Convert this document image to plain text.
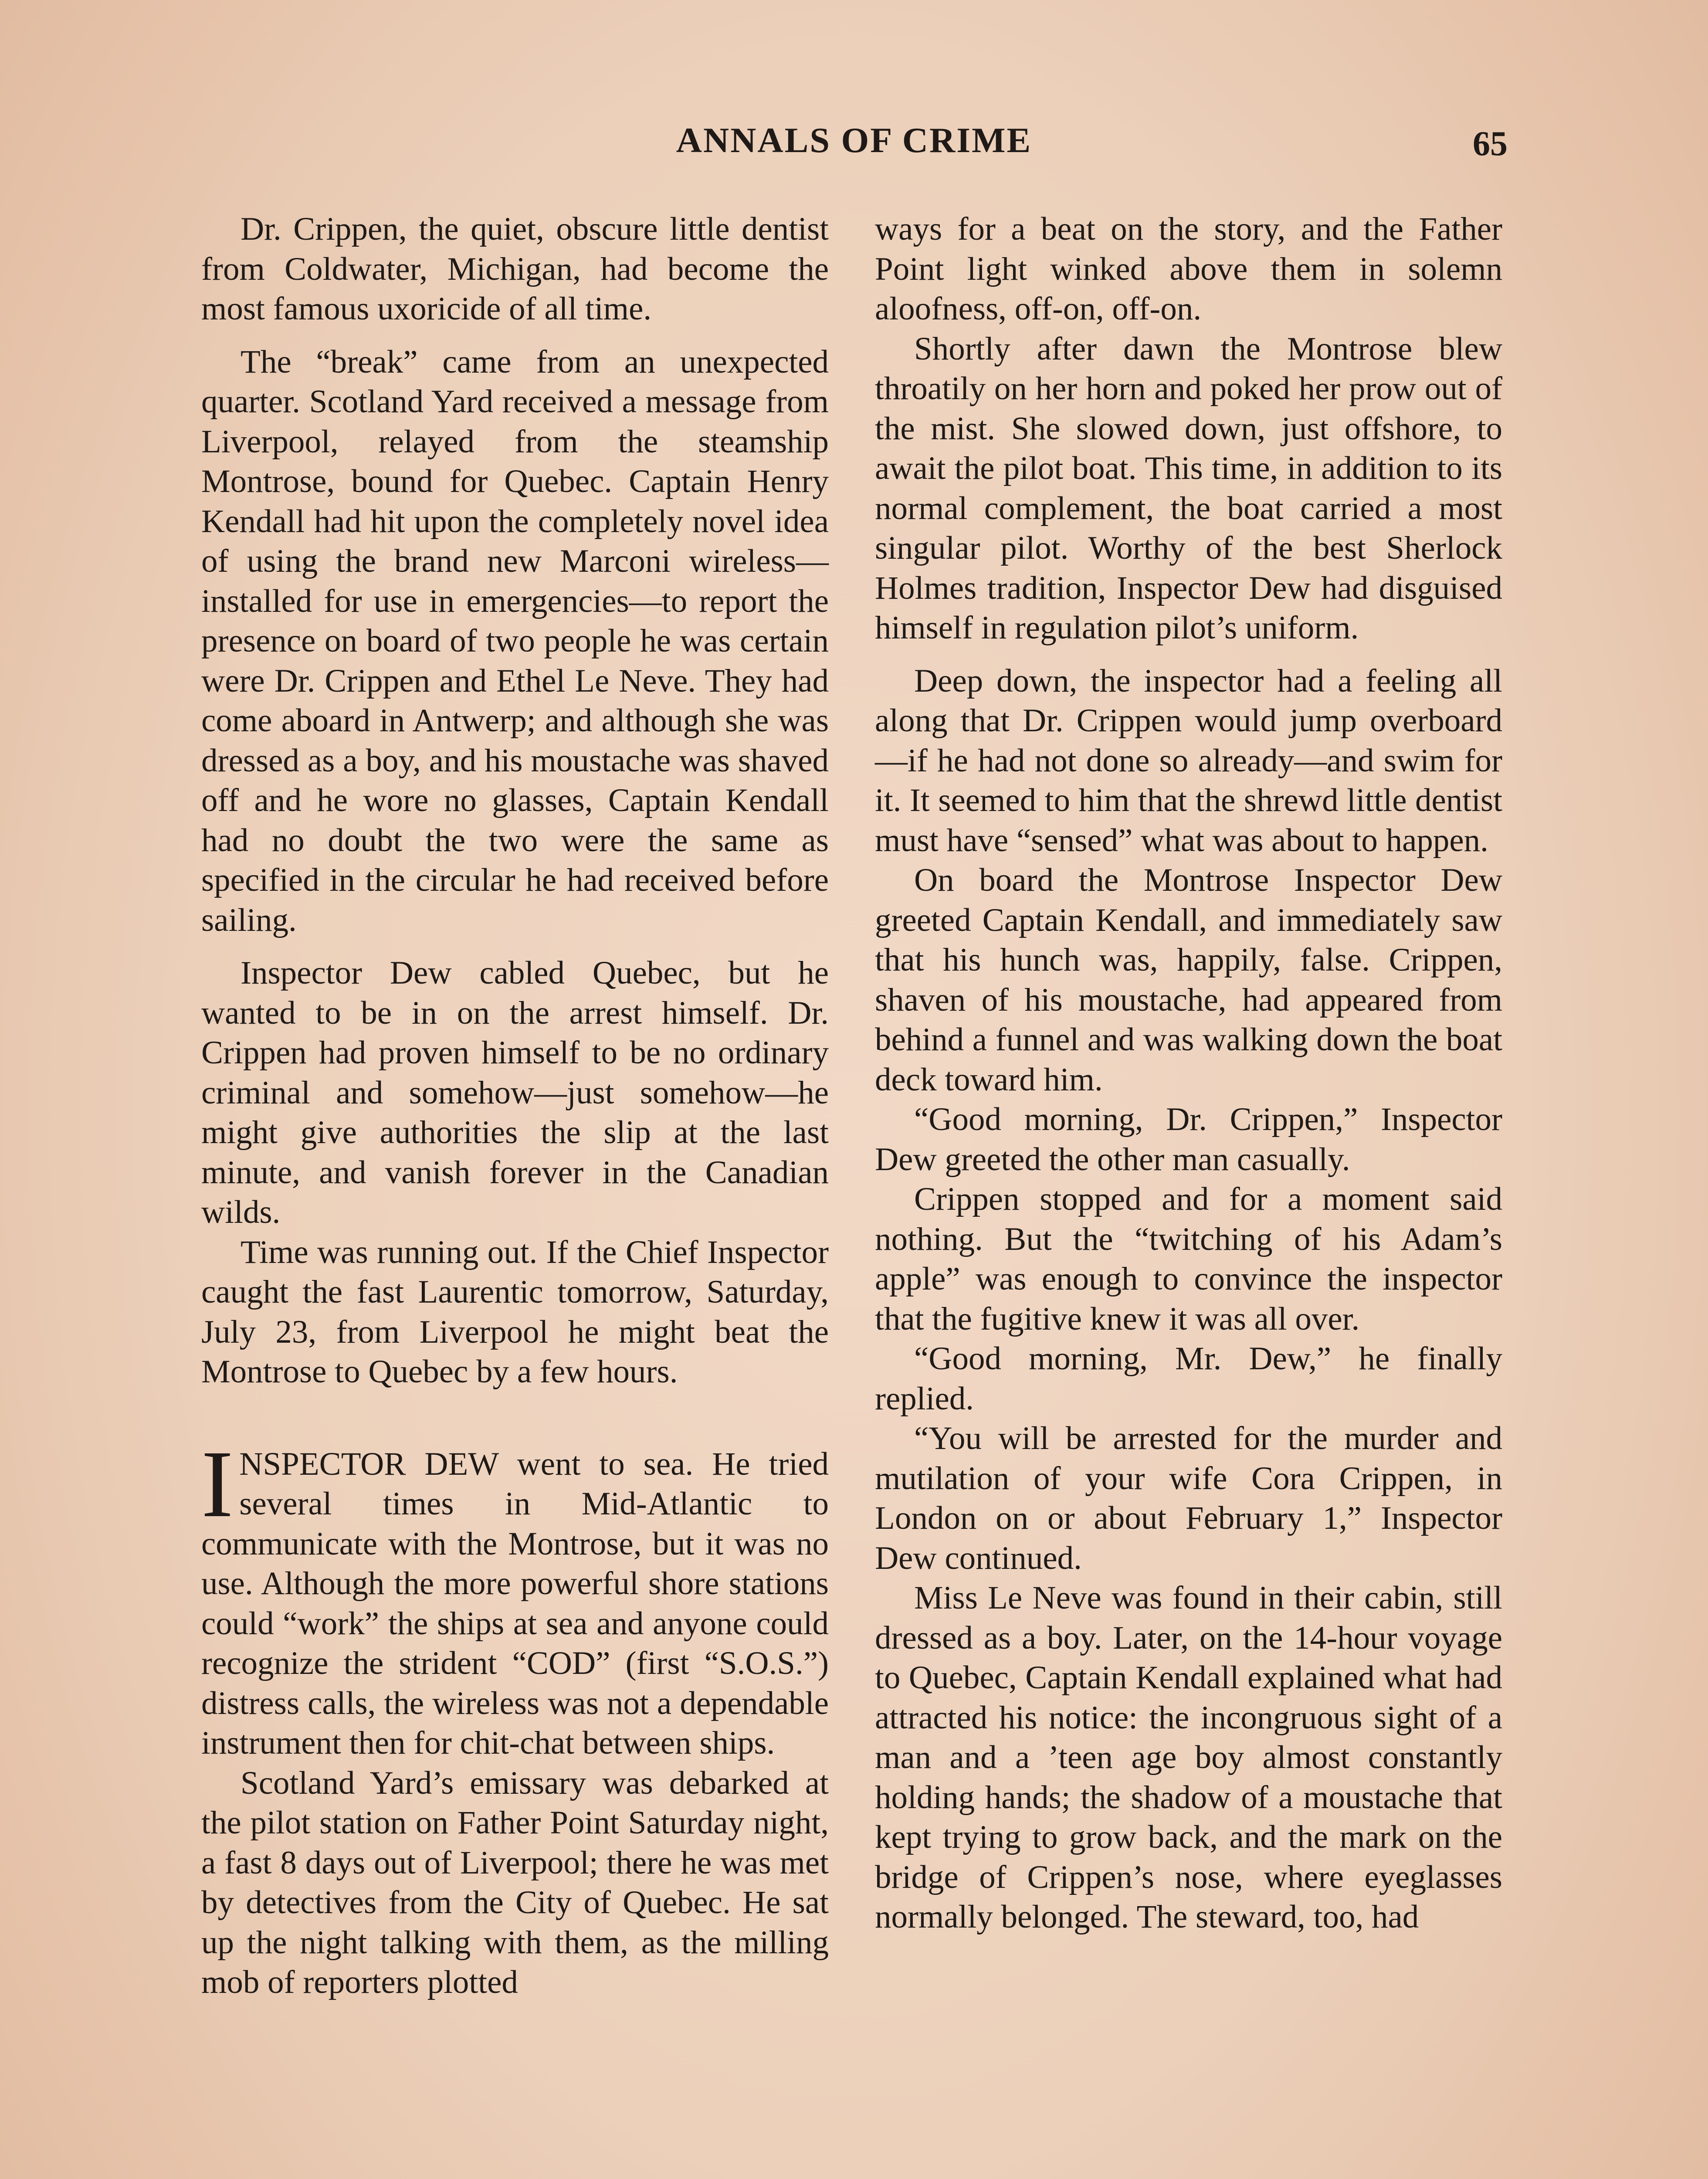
ANNALS OF CRIME	65

Dr. Crippen, the quiet, obscure little dentist from Coldwater, Michigan, had become the most famous uxoricide of all time.

The “break” came from an unexpected quarter. Scotland Yard received a message from Liverpool, relayed from the steamship Montrose, bound for Quebec. Captain Henry Kendall had hit upon the completely novel idea of using the brand new Marconi wireless—installed for use in emergencies—to report the presence on board of two people he was certain were Dr. Crippen and Ethel Le Neve. They had come aboard in Antwerp; and although she was dressed as a boy, and his moustache was shaved off and he wore no glasses, Captain Kendall had no doubt the two were the same as specified in the circular he had received before sailing.

Inspector Dew cabled Quebec, but he wanted to be in on the arrest himself. Dr. Crippen had proven himself to be no ordinary criminal and somehow—just somehow—he might give authorities the slip at the last minute, and vanish forever in the Canadian wilds.

Time was running out. If the Chief Inspector caught the fast Laurentic tomorrow, Saturday, July 23, from Liverpool he might beat the Montrose to Quebec by a few hours.

INSPECTOR DEW went to sea. He tried several times in Mid-Atlantic to communicate with the Montrose, but it was no use. Although the more powerful shore stations could “work” the ships at sea and anyone could recognize the strident “COD” (first “S.O.S.”) distress calls, the wireless was not a dependable instrument then for chit-chat between ships.

Scotland Yard’s emissary was debarked at the pilot station on Father Point Saturday night, a fast 8 days out of Liverpool; there he was met by detectives from the City of Quebec. He sat up the night talking with them, as the milling mob of reporters plotted

ways for a beat on the story, and the Father Point light winked above them in solemn aloofness, off-on, off-on.

Shortly after dawn the Montrose blew throatily on her horn and poked her prow out of the mist. She slowed down, just offshore, to await the pilot boat. This time, in addition to its normal complement, the boat carried a most singular pilot. Worthy of the best Sherlock Holmes tradition, Inspector Dew had disguised himself in regulation pilot’s uniform.

Deep down, the inspector had a feeling all along that Dr. Crippen would jump overboard—if he had not done so already—and swim for it. It seemed to him that the shrewd little dentist must have “sensed” what was about to happen.

On board the Montrose Inspector Dew greeted Captain Kendall, and immediately saw that his hunch was, happily, false. Crippen, shaven of his moustache, had appeared from behind a funnel and was walking down the boat deck toward him.

“Good morning, Dr. Crippen,” Inspector Dew greeted the other man casually.

Crippen stopped and for a moment said nothing. But the “twitching of his Adam’s apple” was enough to convince the inspector that the fugitive knew it was all over.

“Good morning, Mr. Dew,” he finally replied.

“You will be arrested for the murder and mutilation of your wife Cora Crippen, in London on or about February 1,” Inspector Dew continued.

Miss Le Neve was found in their cabin, still dressed as a boy. Later, on the 14-hour voyage to Quebec, Captain Kendall explained what had attracted his notice: the incongruous sight of a man and a ’teen age boy almost constantly holding hands; the shadow of a moustache that kept trying to grow back, and the mark on the bridge of Crippen’s nose, where eyeglasses normally belonged. The steward, too, had
